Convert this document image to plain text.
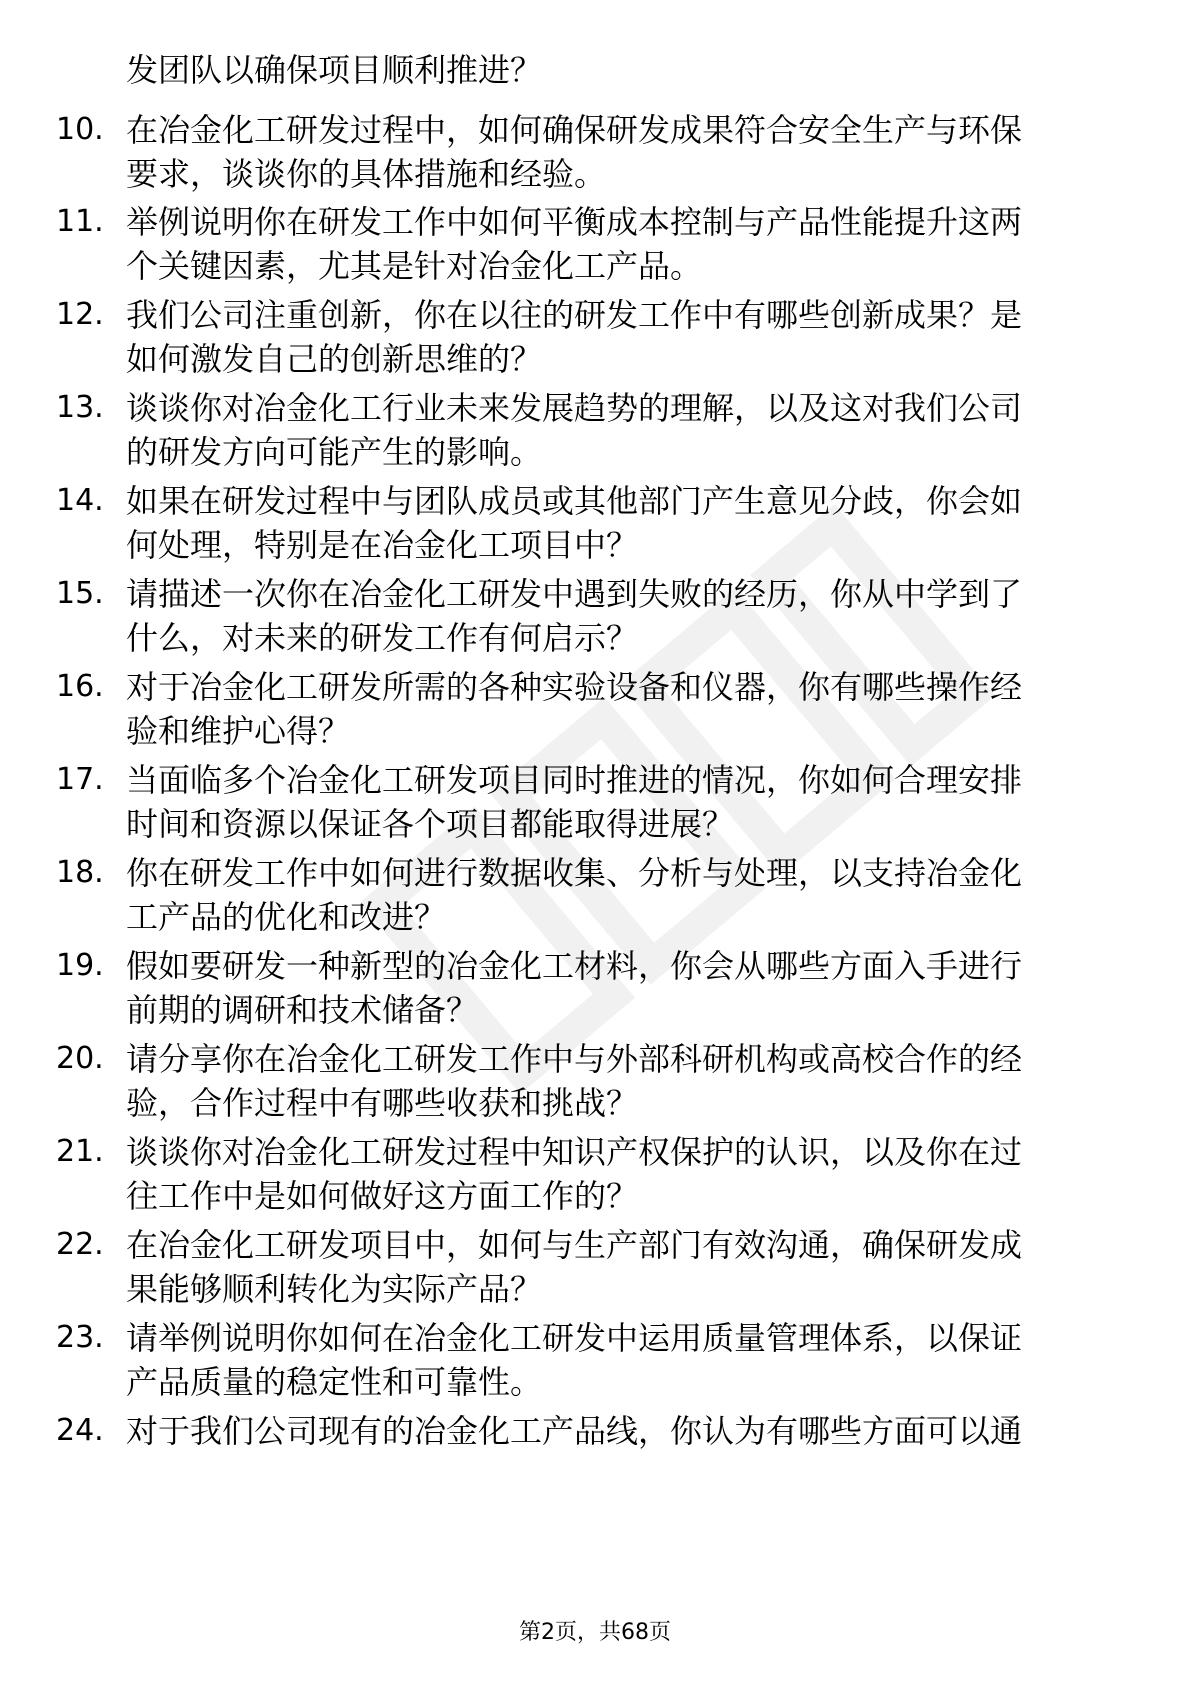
发团队以确保项目顺利推进？
10. 在冶金化工研发过程中，如何确保研发成果符合安全生产与环保
要求，谈谈你的具体措施和经验。
11. 举例说明你在研发工作中如何平衡成本控制与产品性能提升这两
个关键因素，尤其是针对冶金化工产品。
12. 我们公司注重创新，你在以往的研发工作中有哪些创新成果？是
如何激发自己的创新思维的？
13. 谈谈你对冶金化工行业未来发展趋势的理解，以及这对我们公司
的研发方向可能产生的影响。
14. 如果在研发过程中与团队成员或其他部门产生意见分歧，你会如
何处理，特别是在冶金化工项目中？
15. 请描述一次你在冶金化工研发中遇到失败的经历，你从中学到了
什么，对未来的研发工作有何启示？
16. 对于冶金化工研发所需的各种实验设备和仪器，你有哪些操作经
验和维护心得？
17. 当面临多个冶金化工研发项目同时推进的情况，你如何合理安排
时间和资源以保证各个项目都能取得进展？
18. 你在研发工作中如何进行数据收集、分析与处理，以支持冶金化
工产品的优化和改进？
19. 假如要研发一种新型的冶金化工材料，你会从哪些方面入手进行
前期的调研和技术储备？
20. 请分享你在冶金化工研发工作中与外部科研机构或高校合作的经
验，合作过程中有哪些收获和挑战？
21. 谈谈你对冶金化工研发过程中知识产权保护的认识，以及你在过
往工作中是如何做好这方面工作的？
22. 在冶金化工研发项目中，如何与生产部门有效沟通，确保研发成
果能够顺利转化为实际产品？
23. 请举例说明你如何在冶金化工研发中运用质量管理体系，以保证
产品质量的稳定性和可靠性。
24. 对于我们公司现有的冶金化工产品线，你认为有哪些方面可以通
第2页，共68页
